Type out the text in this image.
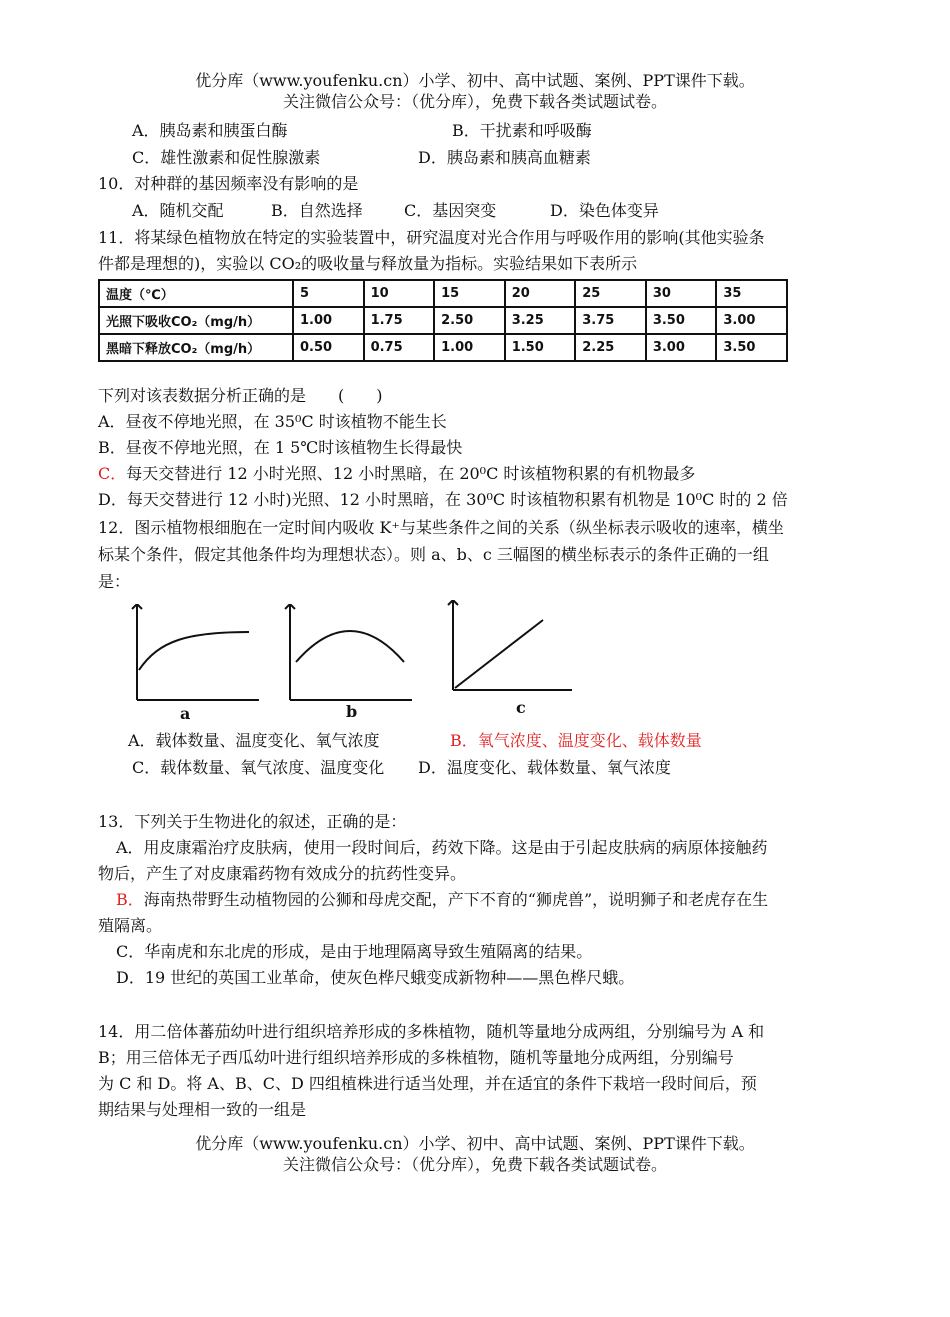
优分库（www.youfenku.cn）小学、初中、高中试题、案例、PPT课件下载。
关注微信公众号：（优分库），免费下载各类试题试卷。
A．胰岛素和胰蛋白酶	B．干扰素和呼吸酶
C．雄性激素和促性腺激素	D．胰岛素和胰高血糖素
10．对种群的基因频率没有影响的是
A．随机交配	B．自然选择	C．基因突变	D．染色体变异
11．将某绿色植物放在特定的实验装置中，研究温度对光合作用与呼吸作用的影响(其他实验条
件都是理想的)，实验以 CO₂的吸收量与释放量为指标。实验结果如下表所示
温度（℃）	5	10	15	20	25	30	35
光照下吸收CO₂（mg/h）	1.00	1.75	2.50	3.25	3.75	3.50	3.00
黑暗下释放CO₂（mg/h）	0.50	0.75	1.00	1.50	2.25	3.00	3.50
下列对该表数据分析正确的是　　(　　)
A．昼夜不停地光照，在 35⁰C 时该植物不能生长
B．昼夜不停地光照，在 1 5℃时该植物生长得最快
C．每天交替进行 12 小时光照、12 小时黑暗，在 20⁰C 时该植物积累的有机物最多
D．每天交替进行 12 小时)光照、12 小时黑暗，在 30⁰C 时该植物积累有机物是 10⁰C 时的 2 倍
12．图示植物根细胞在一定时间内吸收 K⁺与某些条件之间的关系（纵坐标表示吸收的速率，横坐
标某个条件，假定其他条件均为理想状态）。则 a、b、c 三幅图的横坐标表示的条件正确的一组
是：
a	b	c
A．载体数量、温度变化、氧气浓度	B．氧气浓度、温度变化、载体数量
C．载体数量、氧气浓度、温度变化 D．温度变化、载体数量、氧气浓度
13．下列关于生物进化的叙述，正确的是：
A．用皮康霜治疗皮肤病，使用一段时间后，药效下降。这是由于引起皮肤病的病原体接触药
物后，产生了对皮康霜药物有效成分的抗药性变异。
B．海南热带野生动植物园的公狮和母虎交配，产下不育的“狮虎兽”，说明狮子和老虎存在生
殖隔离。
C．华南虎和东北虎的形成，是由于地理隔离导致生殖隔离的结果。
D．19 世纪的英国工业革命，使灰色桦尺蛾变成新物种——黑色桦尺蛾。
14．用二倍体蕃茄幼叶进行组织培养形成的多株植物，随机等量地分成两组，分别编号为 A 和
B；用三倍体无子西瓜幼叶进行组织培养形成的多株植物，随机等量地分成两组，分别编号
为 C 和 D。将 A、B、C、D 四组植株进行适当处理，并在适宜的条件下栽培一段时间后，预
期结果与处理相一致的一组是
优分库（www.youfenku.cn）小学、初中、高中试题、案例、PPT课件下载。
关注微信公众号：（优分库），免费下载各类试题试卷。
